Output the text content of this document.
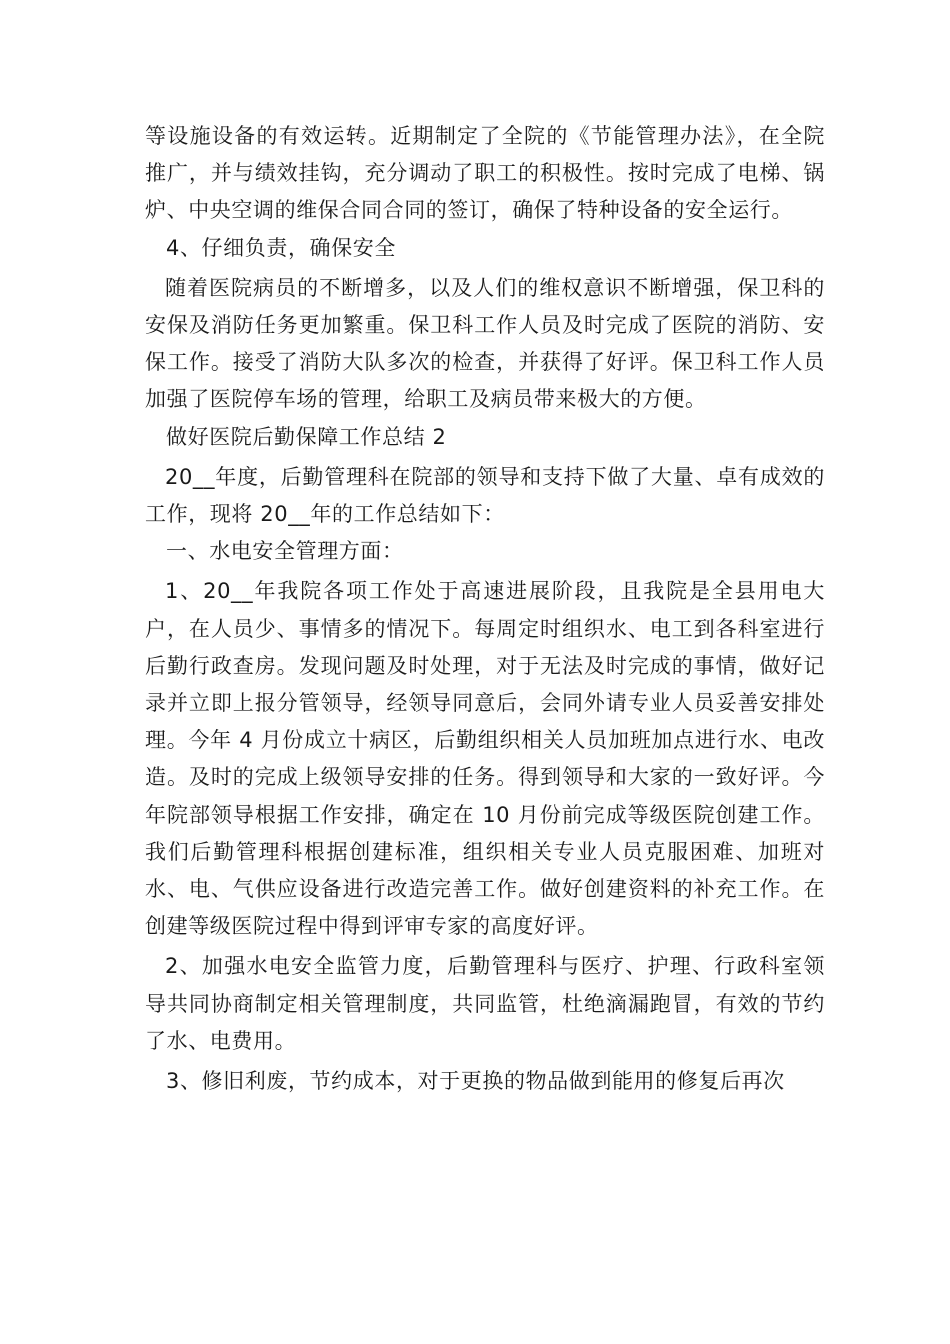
等设施设备的有效运转。近期制定了全院的《节能管理办法》，在全院推广，并与绩效挂钩，充分调动了职工的积极性。按时完成了电梯、锅炉、中央空调的维保合同合同的签订，确保了特种设备的安全运行。

4、仔细负责，确保安全

随着医院病员的不断增多，以及人们的维权意识不断增强，保卫科的安保及消防任务更加繁重。保卫科工作人员及时完成了医院的消防、安保工作。接受了消防大队多次的检查，并获得了好评。保卫科工作人员加强了医院停车场的管理，给职工及病员带来极大的方便。

做好医院后勤保障工作总结 2

20__年度，后勤管理科在院部的领导和支持下做了大量、卓有成效的工作，现将 20__年的工作总结如下：

一、水电安全管理方面：

1、20__年我院各项工作处于高速进展阶段，且我院是全县用电大户，在人员少、事情多的情况下。每周定时组织水、电工到各科室进行后勤行政查房。发现问题及时处理，对于无法及时完成的事情，做好记录并立即上报分管领导，经领导同意后，会同外请专业人员妥善安排处理。今年 4 月份成立十病区，后勤组织相关人员加班加点进行水、电改造。及时的完成上级领导安排的任务。得到领导和大家的一致好评。今年院部领导根据工作安排，确定在 10 月份前完成等级医院创建工作。我们后勤管理科根据创建标准，组织相关专业人员克服困难、加班对水、电、气供应设备进行改造完善工作。做好创建资料的补充工作。在创建等级医院过程中得到评审专家的高度好评。

2、加强水电安全监管力度，后勤管理科与医疗、护理、行政科室领导共同协商制定相关管理制度，共同监管，杜绝滴漏跑冒，有效的节约了水、电费用。

3、修旧利废，节约成本，对于更换的物品做到能用的修复后再次
